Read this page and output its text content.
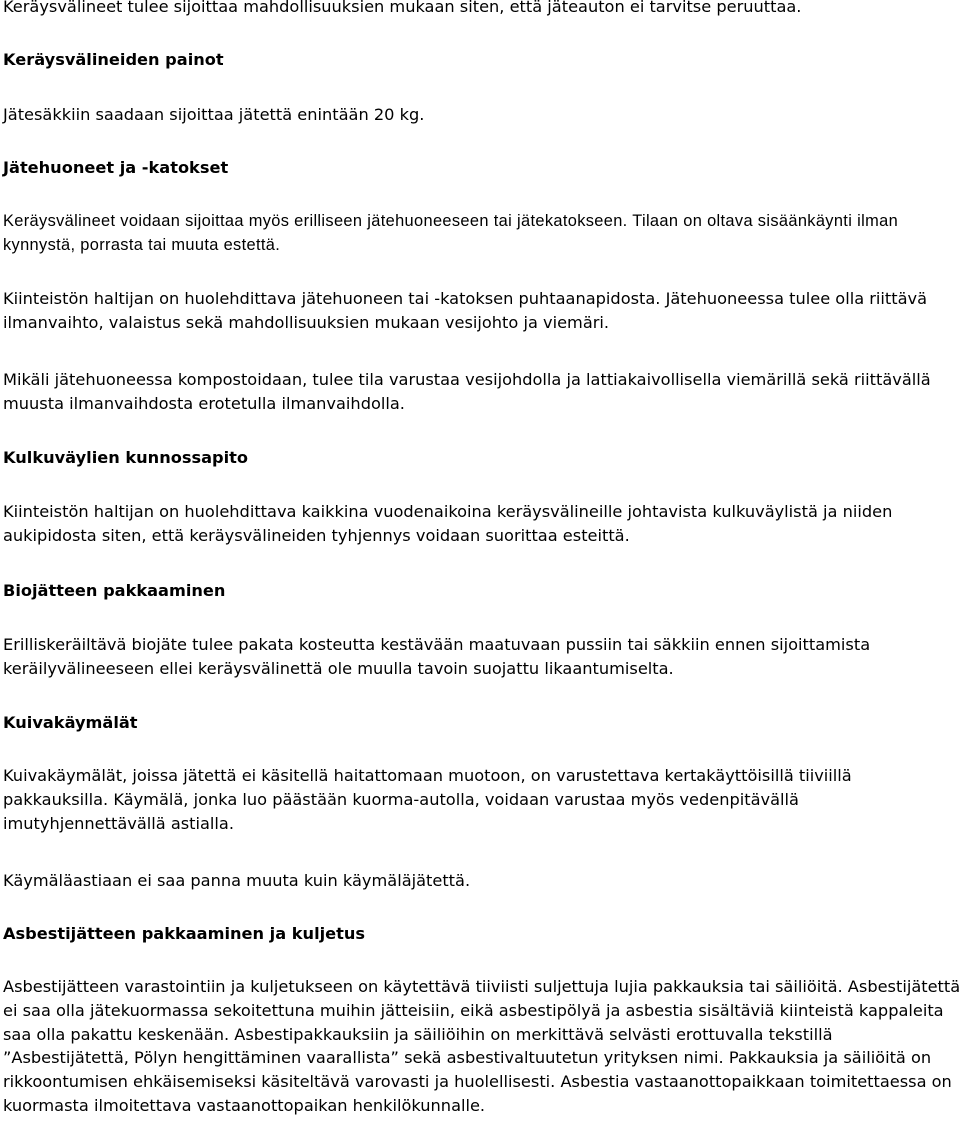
Keräysvälineet tulee sijoittaa mahdollisuuksien mukaan siten, että jäteauton ei tarvitse peruuttaa.

Keräysvälineiden painot

Jätesäkkiin saadaan sijoittaa jätettä enintään 20 kg.

Jätehuoneet ja -katokset

Keräysvälineet voidaan sijoittaa myös erilliseen jätehuoneeseen tai jätekatokseen. Tilaan on oltava sisäänkäynti ilman kynnystä, porrasta tai muuta estettä.

Kiinteistön haltijan on huolehdittava jätehuoneen tai -katoksen puhtaanapidosta. Jätehuoneessa tulee olla riittävä ilmanvaihto, valaistus sekä mahdollisuuksien mukaan vesijohto ja viemäri.

Mikäli jätehuoneessa kompostoidaan, tulee tila varustaa vesijohdolla ja lattiakaivollisella viemärillä sekä riittävällä muusta ilmanvaihdosta erotetulla ilmanvaihdolla.

Kulkuväylien kunnossapito

Kiinteistön haltijan on huolehdittava kaikkina vuodenaikoina keräysvälineille johtavista kulkuväylistä ja niiden aukipidosta siten, että keräysvälineiden tyhjennys voidaan suorittaa esteittä.

Biojätteen pakkaaminen

Erilliskeräiltävä biojäte tulee pakata kosteutta kestävään maatuvaan pussiin tai säkkiin ennen sijoittamista keräilyvälineeseen ellei keräysvälinettä ole muulla tavoin suojattu likaantumiselta.

Kuivakäymälät

Kuivakäymälät, joissa jätettä ei käsitellä haitattomaan muotoon, on varustettava kertakäyttöisillä tiiviillä pakkauksilla. Käymälä, jonka luo päästään kuorma-autolla, voidaan varustaa myös vedenpitävällä imutyhjennettävällä astialla.

Käymäläastiaan ei saa panna muuta kuin käymäläjätettä.

Asbestijätteen pakkaaminen ja kuljetus

Asbestijätteen varastointiin ja kuljetukseen on käytettävä tiiviisti suljettuja lujia pakkauksia tai säiliöitä. Asbestijätettä ei saa olla jätekuormassa sekoitettuna muihin jätteisiin, eikä asbestipölyä ja asbestia sisältäviä kiinteistä kappaleita saa olla pakattu keskenään. Asbestipakkauksiin ja säiliöihin on merkittävä selvästi erottuvalla tekstillä ”Asbestijätettä, Pölyn hengittäminen vaarallista” sekä asbestivaltuutetun yrityksen nimi. Pakkauksia ja säiliöitä on rikkoontumisen ehkäisemiseksi käsiteltävä varovasti ja huolellisesti. Asbestia vastaanottopaikkaan toimitettaessa on kuormasta ilmoitettava vastaanottopaikan henkilökunnalle.
